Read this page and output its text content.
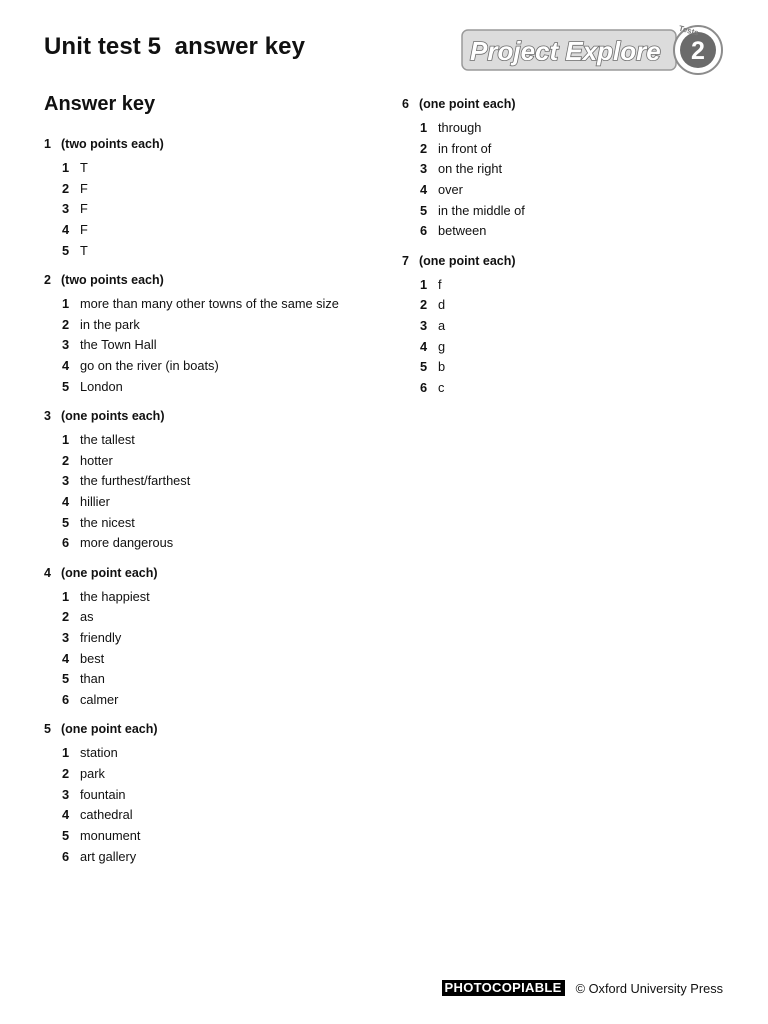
Unit test 5  answer key	Project Explore 2
Tests
Answer key
1 (two points each)
1 T
2 F
3 F
4 F
5 T
2 (two points each)
1 more than many other towns of the same size
2 in the park
3 the Town Hall
4 go on the river (in boats)
5 London
3 (one points each)
1 the tallest
2 hotter
3 the furthest/farthest
4 hillier
5 the nicest
6 more dangerous
4 (one point each)
1 the happiest
2 as
3 friendly
4 best
5 than
6 calmer
5 (one point each)
1 station
2 park
3 fountain
4 cathedral
5 monument
6 art gallery
6 (one point each)
1 through
2 in front of
3 on the right
4 over
5 in the middle of
6 between
7 (one point each)
1 f
2 d
3 a
4 g
5 b
6 c
PHOTOCOPIABLE © Oxford University Press
